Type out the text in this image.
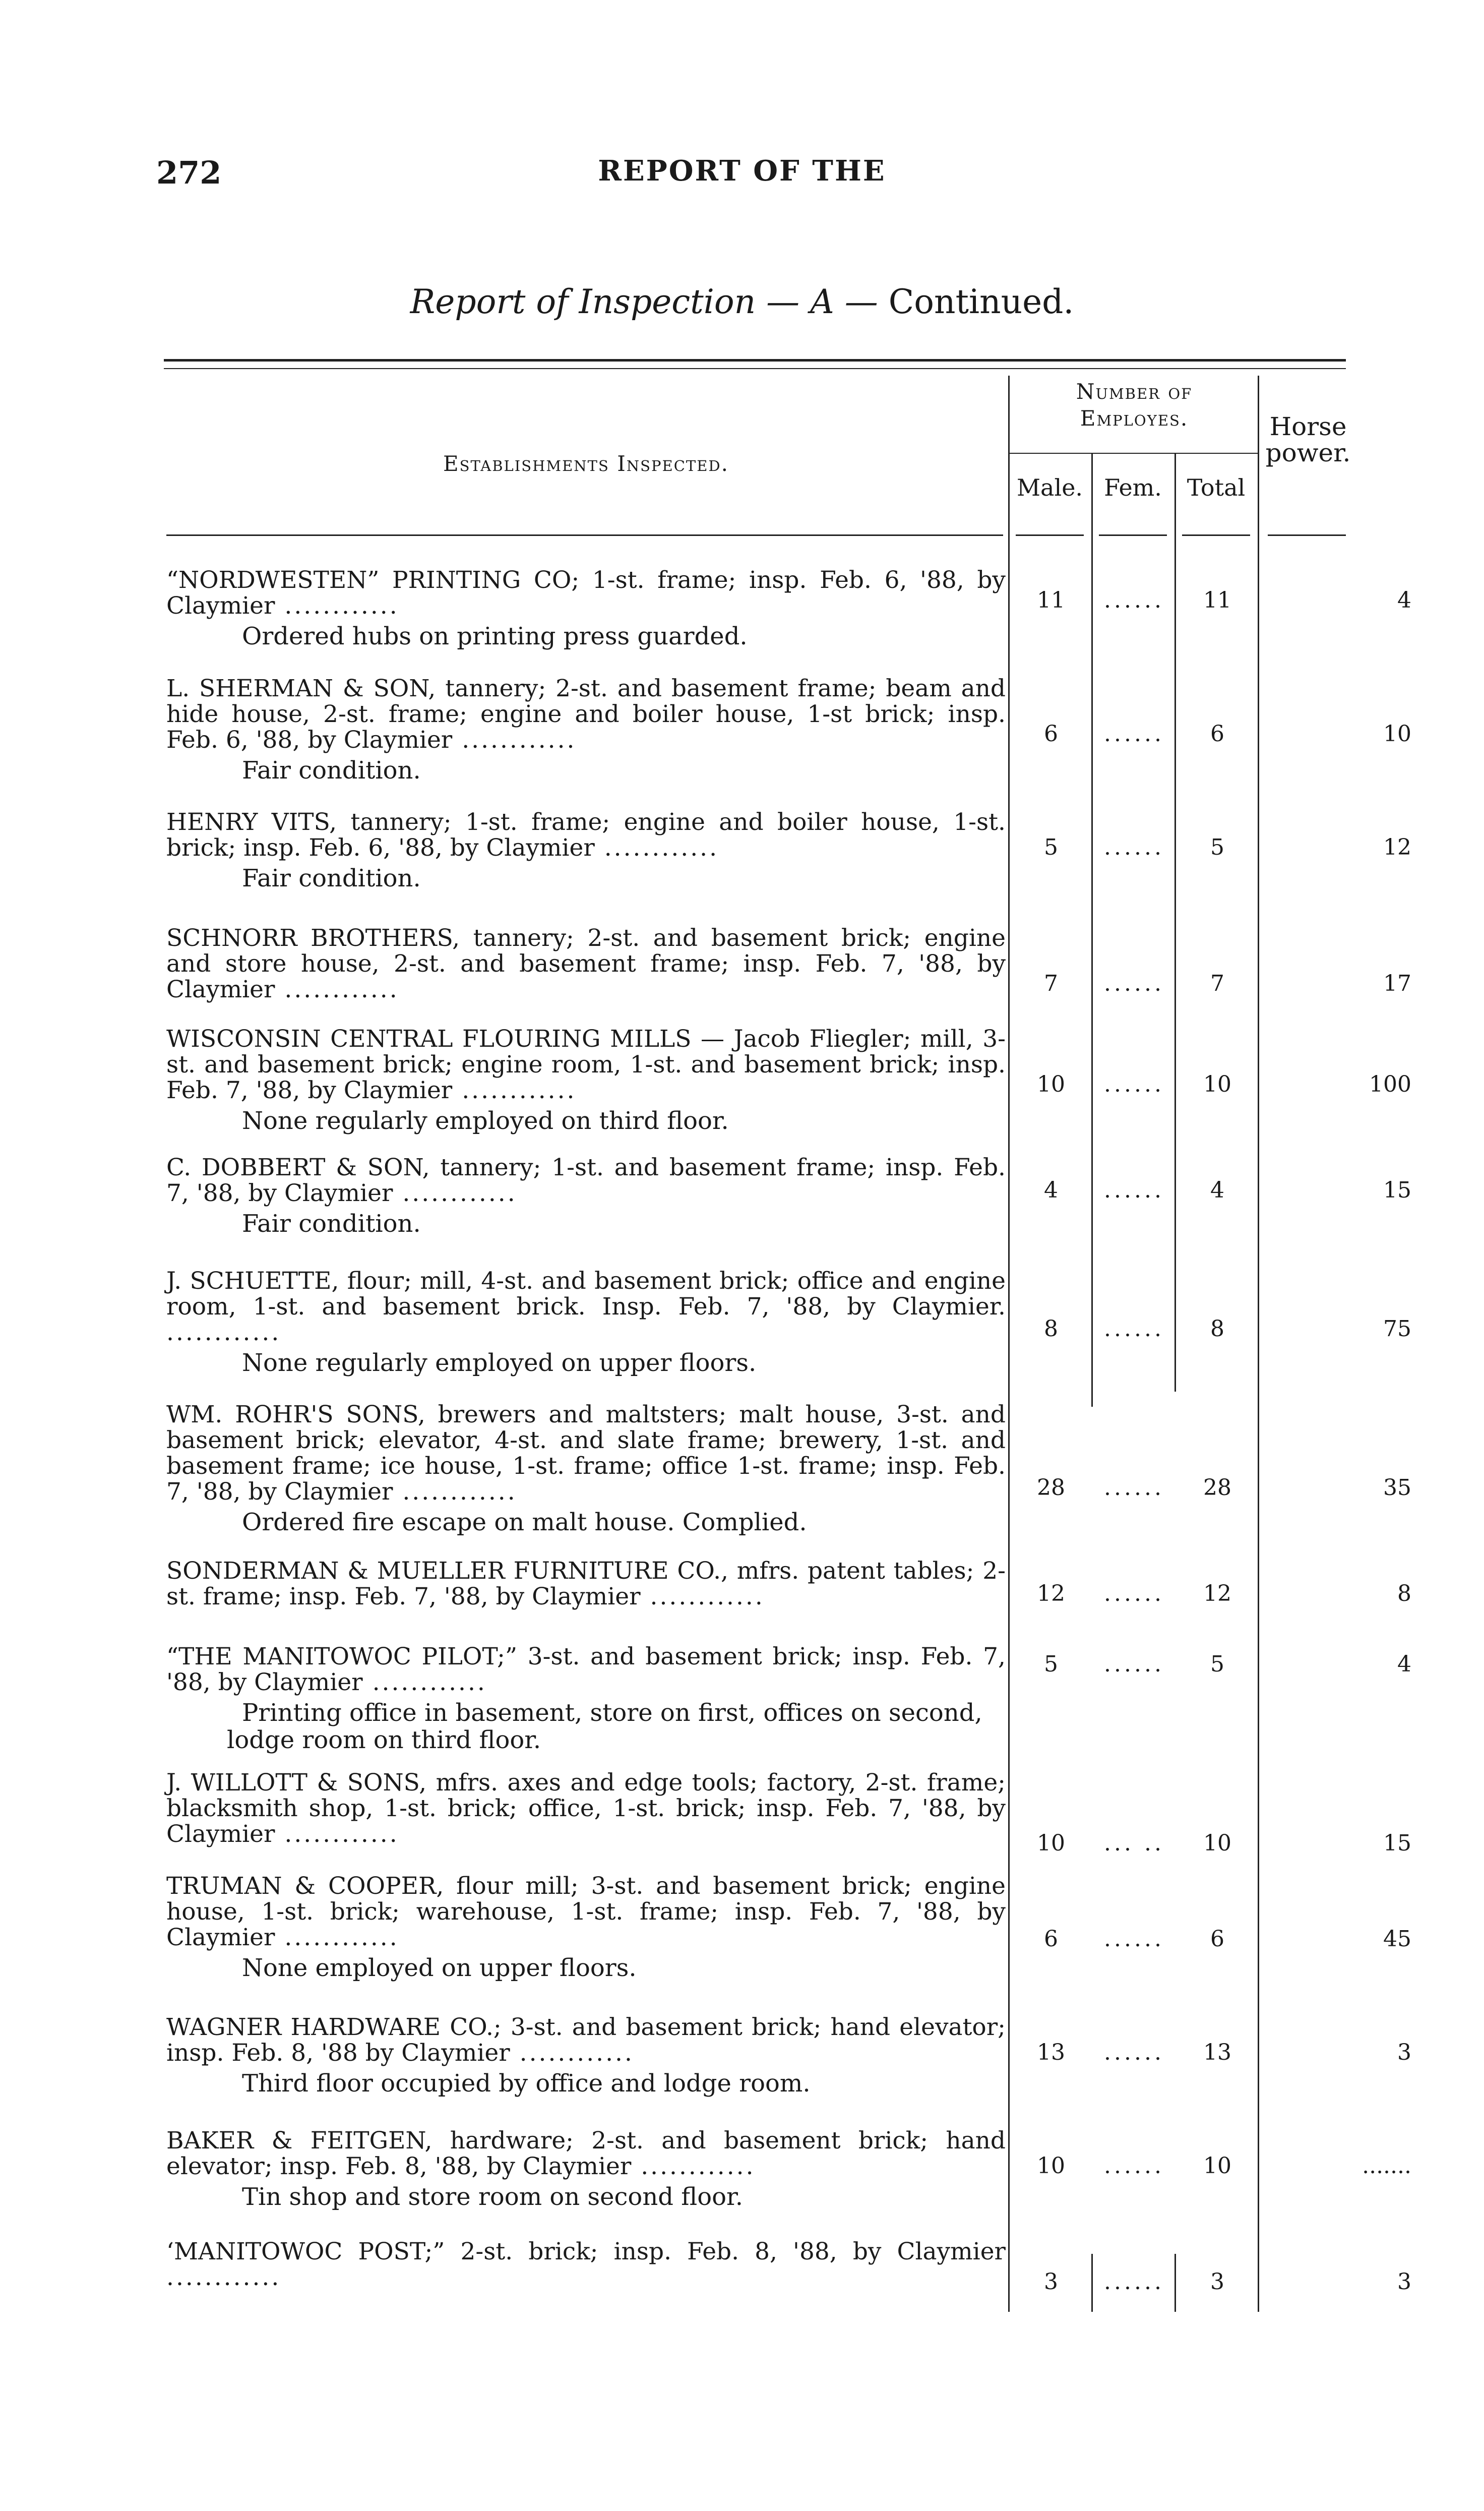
272	REPORT OF THE
Report of Inspection — A — Continued.
Establishments Inspected.
Number of
Employes.
Male. Fem.	Total
Horse
power.
“NORDWESTEN” PRINTING CO; 1-st. frame; insp. Feb. 6, '88, by Claymier ............
Ordered hubs on printing press guarded.
11	......	11	4
L. SHERMAN & SON, tannery; 2-st. and basement frame; beam and hide house, 2-st. frame; engine and boiler house, 1-st brick; insp. Feb. 6, '88, by Claymier ............
Fair condition.
6	......	6	10
HENRY VITS, tannery; 1-st. frame; engine and boiler house, 1-st. brick; insp. Feb. 6, '88, by Claymier ............
Fair condition.
5	......	5	12
SCHNORR BROTHERS, tannery; 2-st. and basement brick; engine and store house, 2-st. and basement frame; insp. Feb. 7, '88, by Claymier ............	7	......	7	17
WISCONSIN CENTRAL FLOURING MILLS — Jacob Fliegler; mill, 3-st. and basement brick; engine room, 1-st. and basement brick; insp. Feb. 7, '88, by Claymier ............
None regularly employed on third floor.
10	......	10	100
C. DOBBERT & SON, tannery; 1-st. and basement frame; insp. Feb. 7, '88, by Claymier ............
Fair condition.
4	......	4	15
J. SCHUETTE, flour; mill, 4-st. and basement brick; office and engine room, 1-st. and basement brick. Insp. Feb. 7, '88, by Claymier. ............
None regularly employed on upper floors.
8	......	8	75
WM. ROHR'S SONS, brewers and maltsters; malt house, 3-st. and basement brick; elevator, 4-st. and slate frame; brewery, 1-st. and basement frame; ice house, 1-st. frame; office 1-st. frame; insp. Feb. 7, '88, by Claymier ............
Ordered fire escape on malt house. Complied.
28	......	28	35
SONDERMAN & MUELLER FURNITURE CO., mfrs. patent tables; 2-st. frame; insp. Feb. 7, '88, by Claymier ............	12	......	12	8
“THE MANITOWOC PILOT;” 3-st. and basement brick; insp. Feb. 7, '88, by Claymier ............
Printing office in basement, store on first, offices on second, lodge room on third floor.
5	......	5	4
J. WILLOTT & SONS, mfrs. axes and edge tools; factory, 2-st. frame; blacksmith shop, 1-st. brick; office, 1-st. brick; insp. Feb. 7, '88, by Claymier ............	10	... ..	10	15
TRUMAN & COOPER, flour mill; 3-st. and basement brick; engine house, 1-st. brick; warehouse, 1-st. frame; insp. Feb. 7, '88, by Claymier ............
None employed on upper floors.
6	......	6	45
WAGNER HARDWARE CO.; 3-st. and basement brick; hand elevator; insp. Feb. 8, '88 by Claymier ............
Third floor occupied by office and lodge room.
13	......	13	3
BAKER & FEITGEN, hardware; 2-st. and basement brick; hand elevator; insp. Feb. 8, '88, by Claymier ............
Tin shop and store room on second floor.
10	......	10	.......
‘MANITOWOC POST;” 2-st. brick; insp. Feb. 8, '88, by Claymier ............	3	......	3	3
